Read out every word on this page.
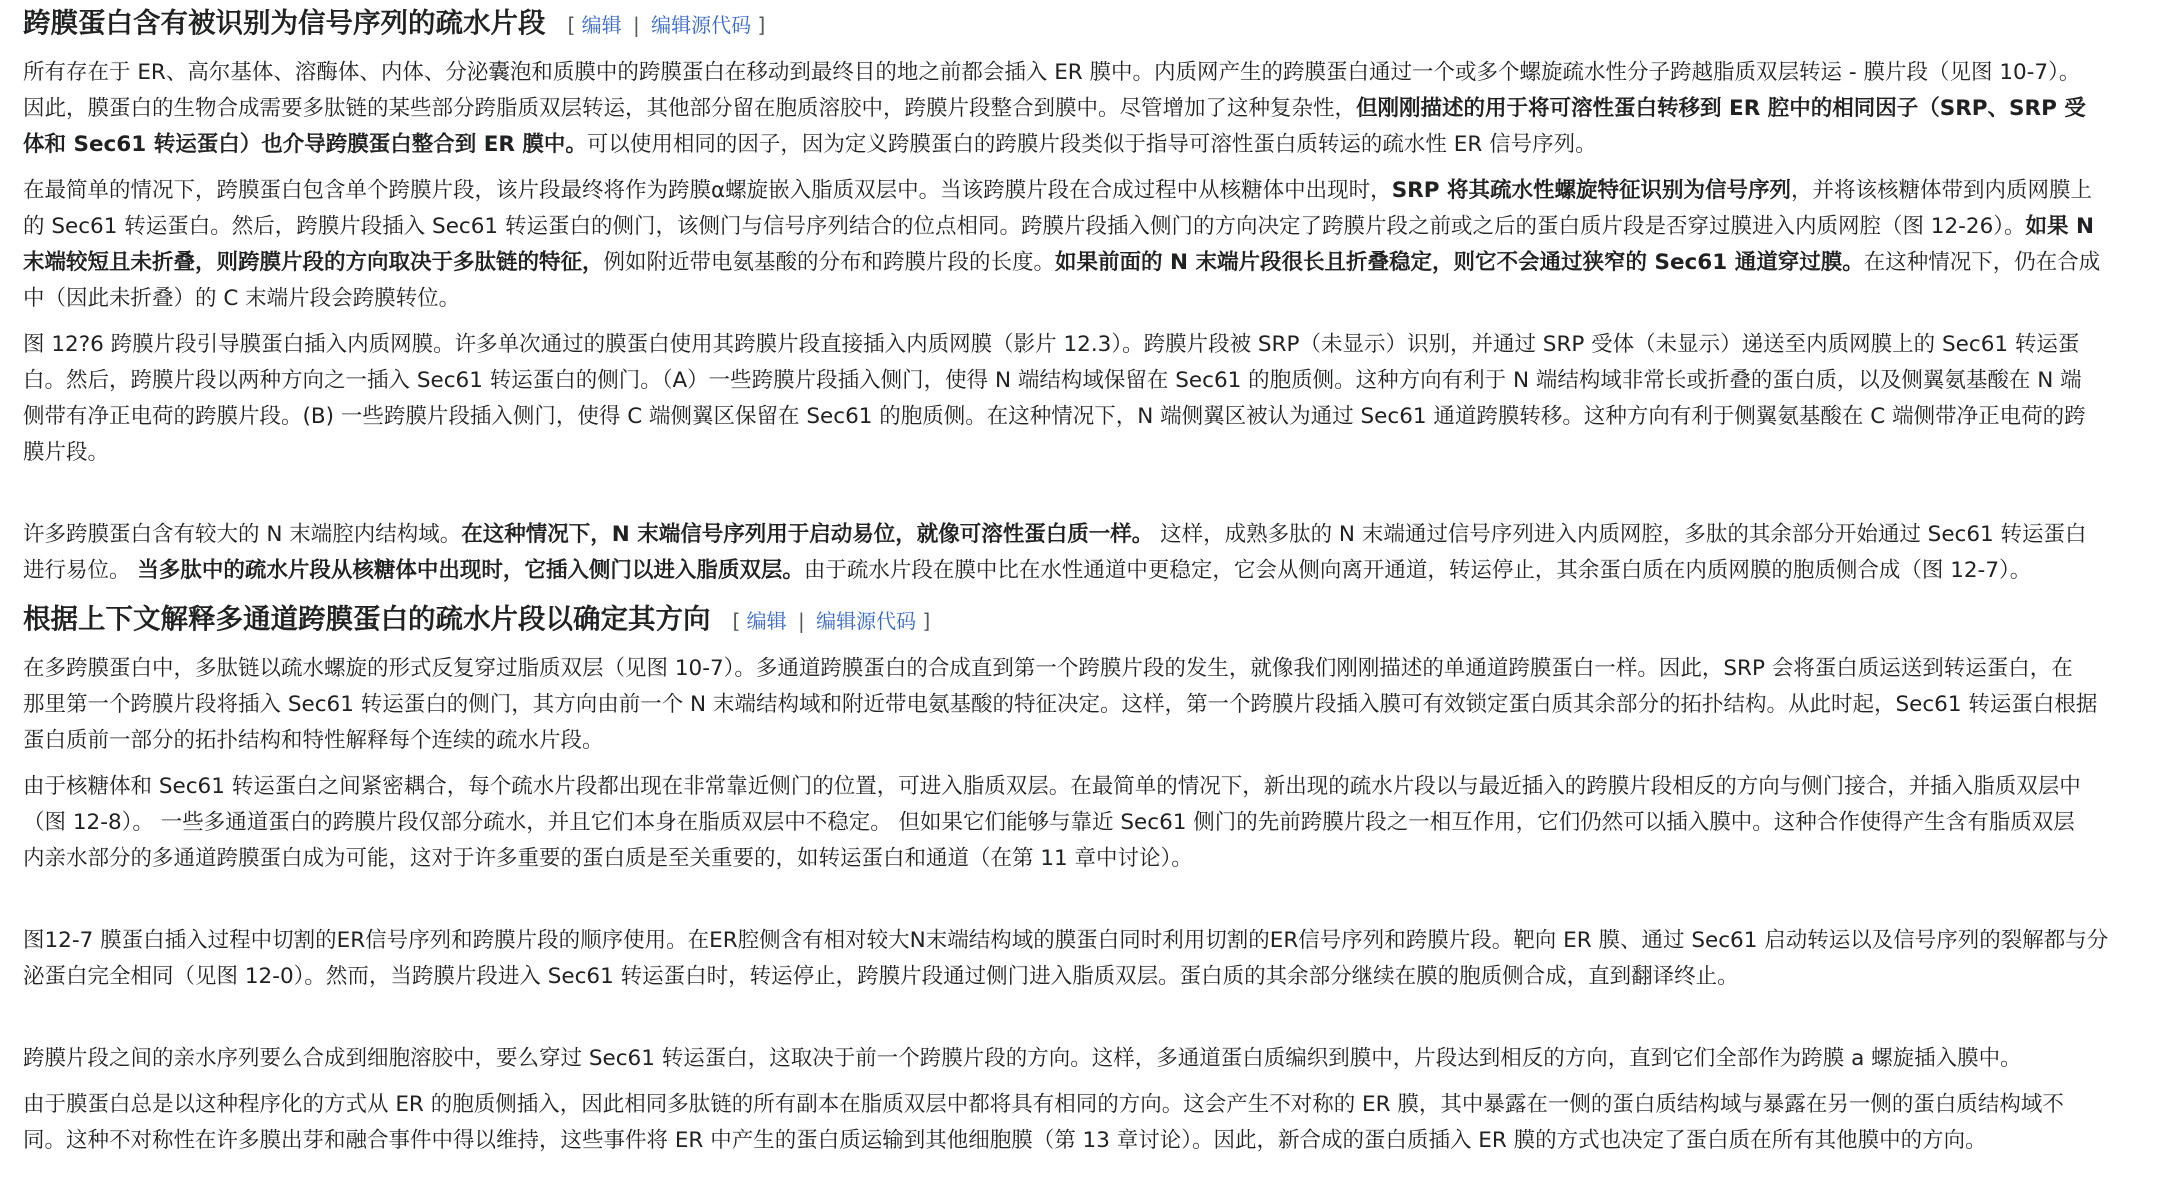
跨膜蛋白含有被识别为信号序列的疏水片段 [ 编辑 | 编辑源代码 ]

所有存在于 ER、高尔基体、溶酶体、内体、分泌囊泡和质膜中的跨膜蛋白在移动到最终目的地之前都会插入 ER 膜中。内质网产生的跨膜蛋白通过一个或多个螺旋疏水性分子跨越脂质双层转运 - 膜片段（见图 10-7）。
因此，膜蛋白的生物合成需要多肽链的某些部分跨脂质双层转运，其他部分留在胞质溶胶中，跨膜片段整合到膜中。尽管增加了这种复杂性，但刚刚描述的用于将可溶性蛋白转移到 ER 腔中的相同因子（SRP、SRP 受
体和 Sec61 转运蛋白）也介导跨膜蛋白整合到 ER 膜中。可以使用相同的因子，因为定义跨膜蛋白的跨膜片段类似于指导可溶性蛋白质转运的疏水性 ER 信号序列。

在最简单的情况下，跨膜蛋白包含单个跨膜片段，该片段最终将作为跨膜α螺旋嵌入脂质双层中。当该跨膜片段在合成过程中从核糖体中出现时，SRP 将其疏水性螺旋特征识别为信号序列，并将该核糖体带到内质网膜上
的 Sec61 转运蛋白。然后，跨膜片段插入 Sec61 转运蛋白的侧门，该侧门与信号序列结合的位点相同。跨膜片段插入侧门的方向决定了跨膜片段之前或之后的蛋白质片段是否穿过膜进入内质网腔（图 12-26）。如果 N
末端较短且未折叠，则跨膜片段的方向取决于多肽链的特征，例如附近带电氨基酸的分布和跨膜片段的长度。如果前面的 N 末端片段很长且折叠稳定，则它不会通过狭窄的 Sec61 通道穿过膜。在这种情况下，仍在合成
中（因此未折叠）的 C 末端片段会跨膜转位。

图 12?6 跨膜片段引导膜蛋白插入内质网膜。许多单次通过的膜蛋白使用其跨膜片段直接插入内质网膜（影片 12.3）。跨膜片段被 SRP（未显示）识别，并通过 SRP 受体（未显示）递送至内质网膜上的 Sec61 转运蛋
白。然后，跨膜片段以两种方向之一插入 Sec61 转运蛋白的侧门。（A）一些跨膜片段插入侧门，使得 N 端结构域保留在 Sec61 的胞质侧。这种方向有利于 N 端结构域非常长或折叠的蛋白质，以及侧翼氨基酸在 N 端
侧带有净正电荷的跨膜片段。(B) 一些跨膜片段插入侧门，使得 C 端侧翼区保留在 Sec61 的胞质侧。在这种情况下，N 端侧翼区被认为通过 Sec61 通道跨膜转移。这种方向有利于侧翼氨基酸在 C 端侧带净正电荷的跨
膜片段。

许多跨膜蛋白含有较大的 N 末端腔内结构域。在这种情况下，N 末端信号序列用于启动易位，就像可溶性蛋白质一样。 这样，成熟多肽的 N 末端通过信号序列进入内质网腔，多肽的其余部分开始通过 Sec61 转运蛋白
进行易位。 当多肽中的疏水片段从核糖体中出现时，它插入侧门以进入脂质双层。由于疏水片段在膜中比在水性通道中更稳定，它会从侧向离开通道，转运停止，其余蛋白质在内质网膜的胞质侧合成（图 12-7）。

根据上下文解释多通道跨膜蛋白的疏水片段以确定其方向 [ 编辑 | 编辑源代码 ]

在多跨膜蛋白中，多肽链以疏水螺旋的形式反复穿过脂质双层（见图 10-7）。多通道跨膜蛋白的合成直到第一个跨膜片段的发生，就像我们刚刚描述的单通道跨膜蛋白一样。因此，SRP 会将蛋白质运送到转运蛋白，在
那里第一个跨膜片段将插入 Sec61 转运蛋白的侧门，其方向由前一个 N 末端结构域和附近带电氨基酸的特征决定。这样，第一个跨膜片段插入膜可有效锁定蛋白质其余部分的拓扑结构。从此时起，Sec61 转运蛋白根据
蛋白质前一部分的拓扑结构和特性解释每个连续的疏水片段。

由于核糖体和 Sec61 转运蛋白之间紧密耦合，每个疏水片段都出现在非常靠近侧门的位置，可进入脂质双层。在最简单的情况下，新出现的疏水片段以与最近插入的跨膜片段相反的方向与侧门接合，并插入脂质双层中
（图 12-8）。 一些多通道蛋白的跨膜片段仅部分疏水，并且它们本身在脂质双层中不稳定。 但如果它们能够与靠近 Sec61 侧门的先前跨膜片段之一相互作用，它们仍然可以插入膜中。这种合作使得产生含有脂质双层
内亲水部分的多通道跨膜蛋白成为可能，这对于许多重要的蛋白质是至关重要的，如转运蛋白和通道（在第 11 章中讨论）。

图12-7 膜蛋白插入过程中切割的ER信号序列和跨膜片段的顺序使用。在ER腔侧含有相对较大N末端结构域的膜蛋白同时利用切割的ER信号序列和跨膜片段。靶向 ER 膜、通过 Sec61 启动转运以及信号序列的裂解都与分
泌蛋白完全相同（见图 12-0）。然而，当跨膜片段进入 Sec61 转运蛋白时，转运停止，跨膜片段通过侧门进入脂质双层。蛋白质的其余部分继续在膜的胞质侧合成，直到翻译终止。

跨膜片段之间的亲水序列要么合成到细胞溶胶中，要么穿过 Sec61 转运蛋白，这取决于前一个跨膜片段的方向。这样，多通道蛋白质编织到膜中，片段达到相反的方向，直到它们全部作为跨膜 a 螺旋插入膜中。

由于膜蛋白总是以这种程序化的方式从 ER 的胞质侧插入，因此相同多肽链的所有副本在脂质双层中都将具有相同的方向。这会产生不对称的 ER 膜，其中暴露在一侧的蛋白质结构域与暴露在另一侧的蛋白质结构域不
同。这种不对称性在许多膜出芽和融合事件中得以维持，这些事件将 ER 中产生的蛋白质运输到其他细胞膜（第 13 章讨论）。因此，新合成的蛋白质插入 ER 膜的方式也决定了蛋白质在所有其他膜中的方向。
